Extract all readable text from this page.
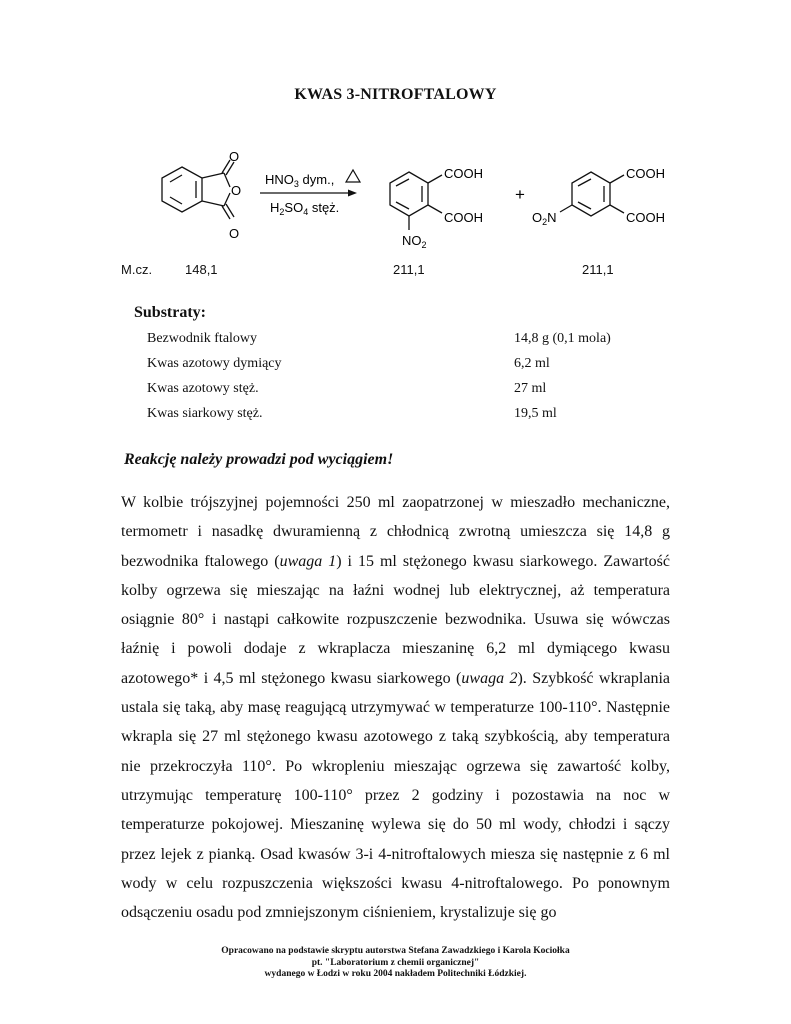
KWAS 3-NITROFTALOWY
O
O
O
$HNO_3$ dym.,
$H_2SO_4$ stęż.
COOH
COOH
$NO_2$
+
COOH
COOH
$O_2N$
M.cz.	148,1	211,1	211,1
Substraty:
Bezwodnik ftalowy	14,8 g (0,1 mola)
Kwas azotowy dymiący	6,2 ml
Kwas azotowy stęż.	27 ml
Kwas siarkowy stęż.	19,5 ml
Reakcję należy prowadzi pod wyciągiem!

W kolbie trójszyjnej pojemności 250 ml zaopatrzonej w mieszadło mechaniczne, termometr i nasadkę dwuramienną z chłodnicą zwrotną umieszcza się 14,8 g bezwodnika ftalowego (uwaga 1) i 15 ml stężonego kwasu siarkowego. Zawartość kolby ogrzewa się mieszając na łaźni wodnej lub elektrycznej, aż temperatura osiągnie 80° i nastąpi całkowite rozpuszczenie bezwodnika. Usuwa się wówczas łaźnię i powoli dodaje z wkraplacza mieszaninę 6,2 ml dymiącego kwasu azotowego* i 4,5 ml stężonego kwasu siarkowego (uwaga 2). Szybkość wkraplania ustala się taką, aby masę reagującą utrzymywać w temperaturze 100-110°. Następnie wkrapla się 27 ml stężonego kwasu azotowego z taką szybkością, aby temperatura nie przekroczyła 110°. Po wkropleniu mieszając ogrzewa się zawartość kolby, utrzymując temperaturę 100-110° przez 2 godziny i pozostawia na noc w temperaturze pokojowej. Mieszaninę wylewa się do 50 ml wody, chłodzi i sączy przez lejek z pianką. Osad kwasów 3-i 4-nitroftalowych miesza się następnie z 6 ml wody w celu rozpuszczenia większości kwasu 4-nitroftalowego. Po ponownym odsączeniu osadu pod zmniejszonym ciśnieniem, krystalizuje się go

Opracowano na podstawie skryptu autorstwa Stefana Zawadzkiego i Karola Kociołka
pt. "Laboratorium z chemii organicznej"
wydanego w Łodzi w roku 2004 nakładem Politechniki Łódzkiej.
